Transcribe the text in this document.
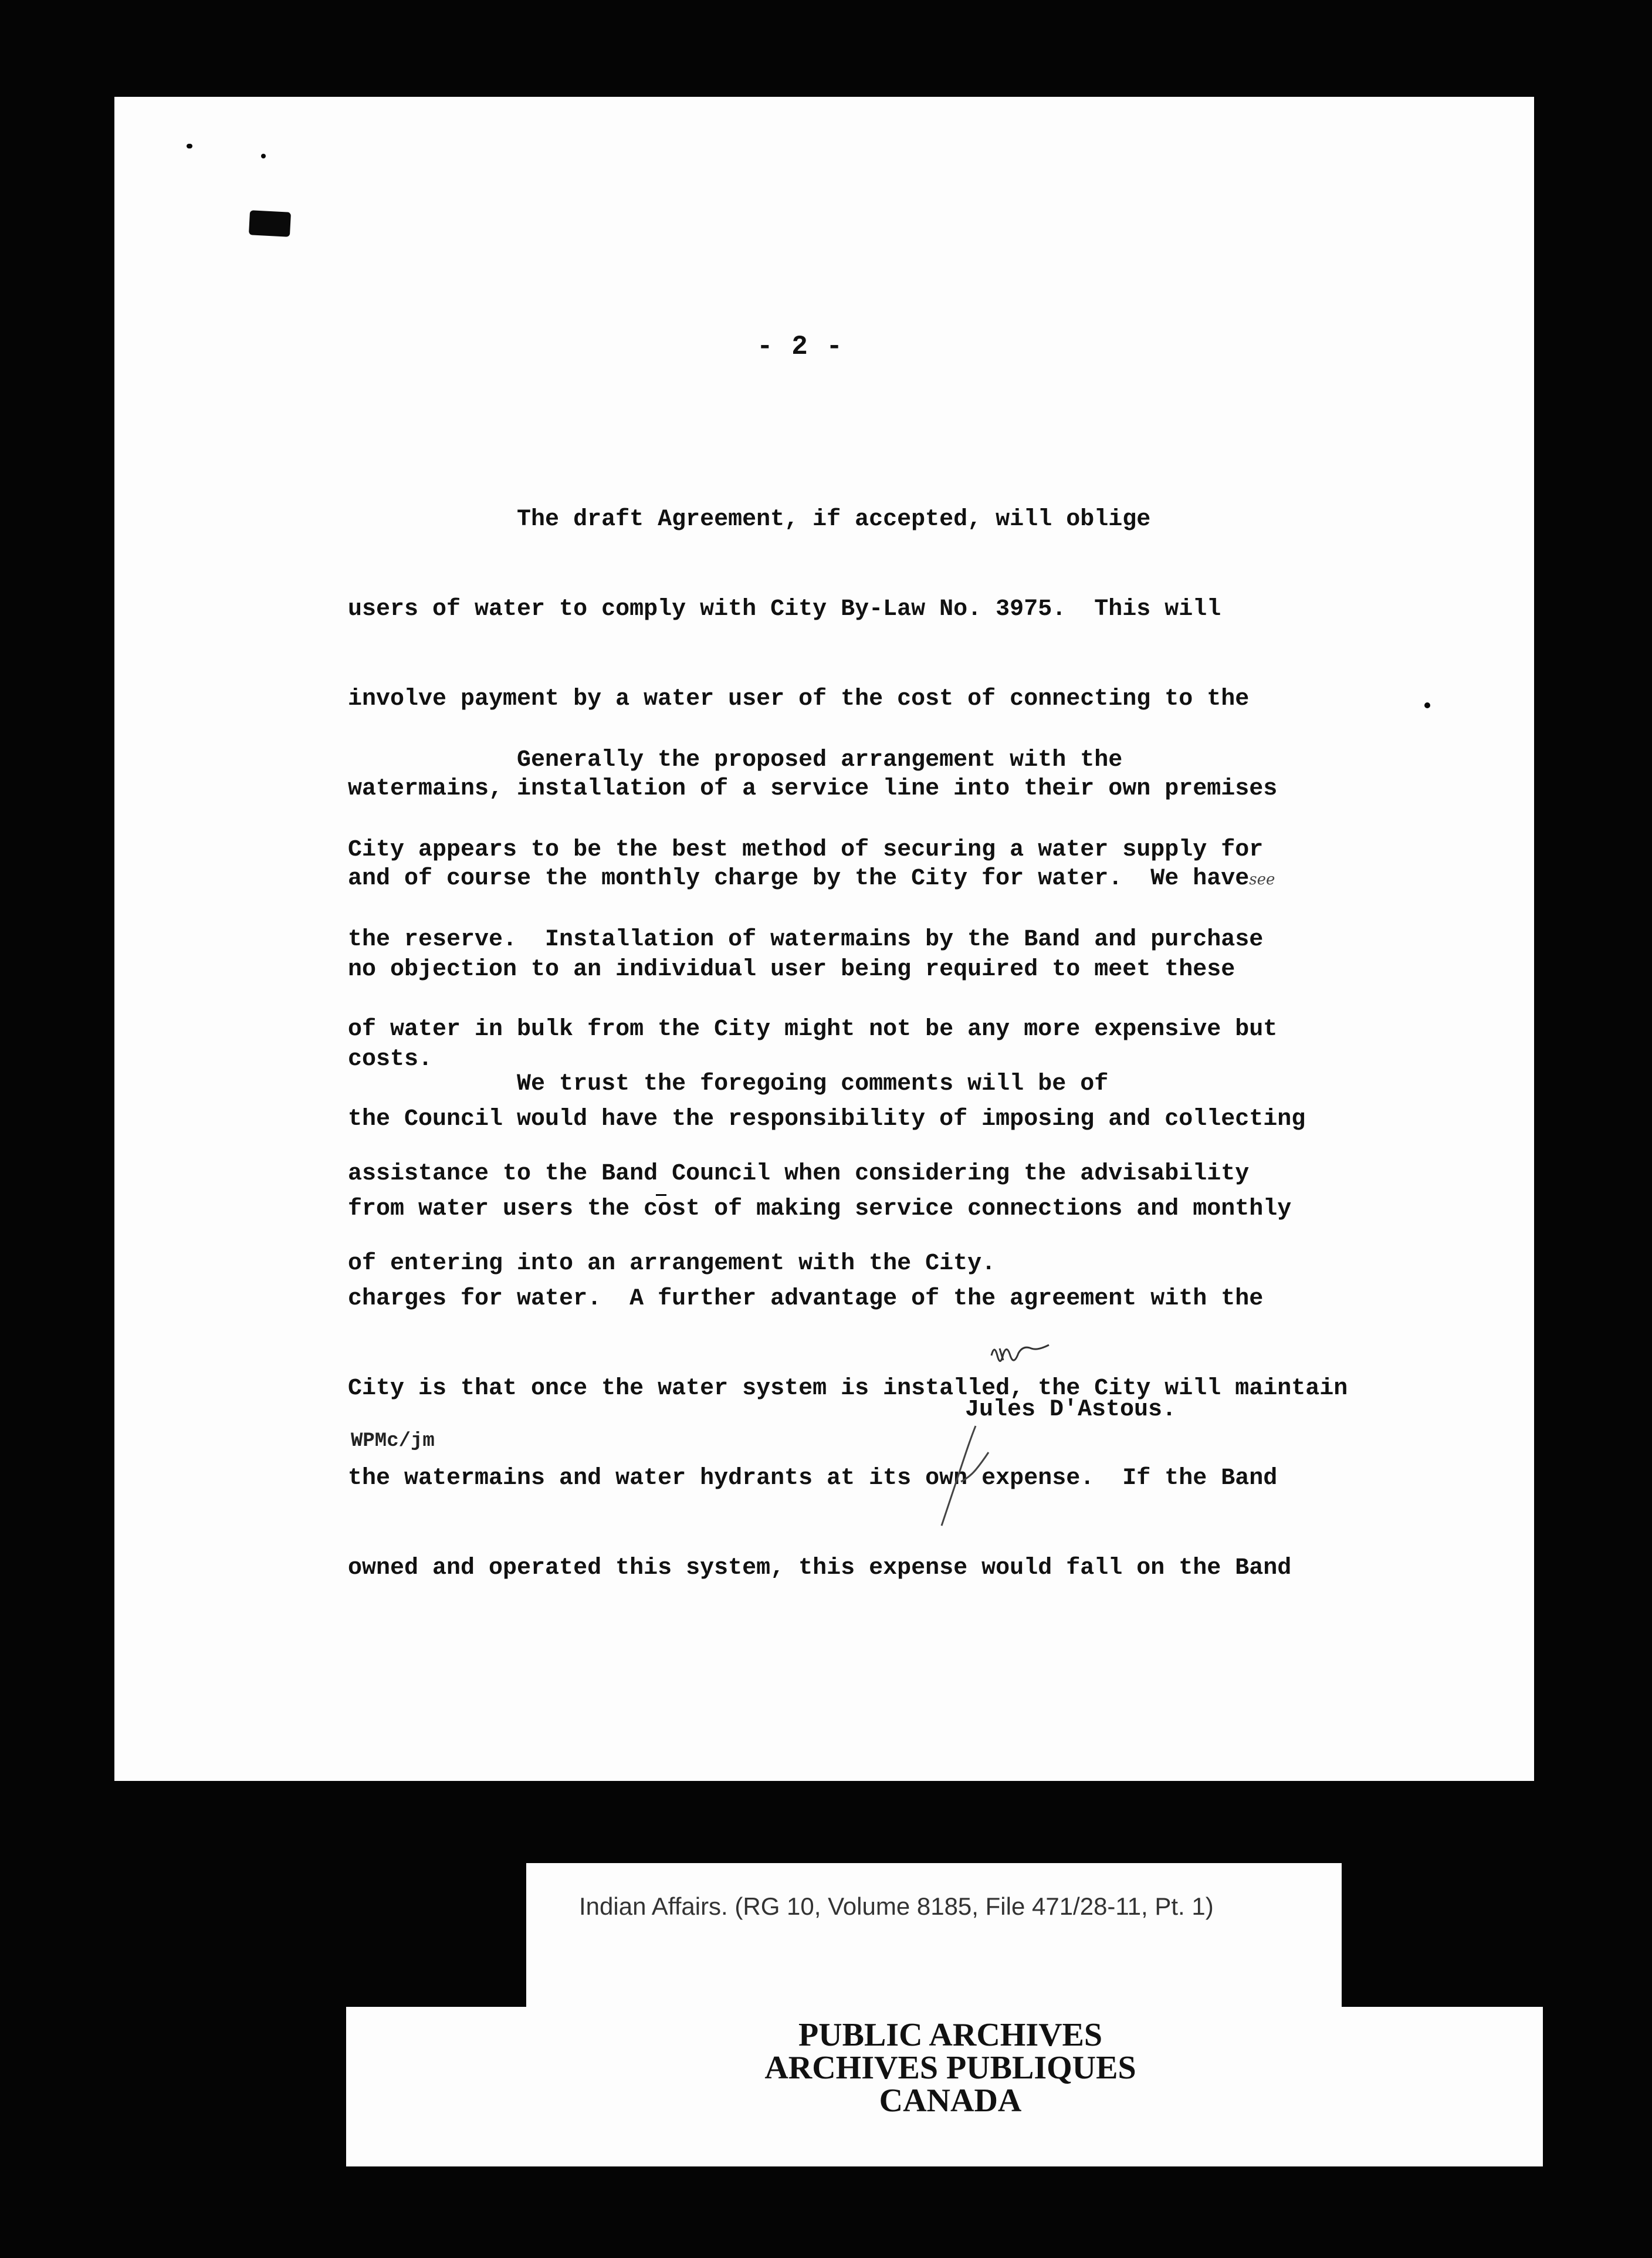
- 2 -

The draft Agreement, if accepted, will oblige

users of water to comply with City By-Law No. 3975.  This will

involve payment by a water user of the cost of connecting to the

watermains, installation of a service line into their own premises

and of course the monthly charge by the City for water.  We havesee

no objection to an individual user being required to meet these

costs.

Generally the proposed arrangement with the

City appears to be the best method of securing a water supply for

the reserve.  Installation of watermains by the Band and purchase

of water in bulk from the City might not be any more expensive but

the Council would have the responsibility of imposing and collecting

from water users the cost of making service connections and monthly

charges for water.  A further advantage of the agreement with the

City is that once the water system is installed, the City will maintain

the watermains and water hydrants at its own expense.  If the Band

owned and operated this system, this expense would fall on the Band

We trust the foregoing comments will be of

assistance to the Band Council when considering the advisability

of entering into an arrangement with the City.

Jules D'Astous.
WPMc/jm
Indian Affairs. (RG 10, Volume 8185, File 471/28-11, Pt. 1)
PUBLIC ARCHIVES
ARCHIVES PUBLIQUES
CANADA
